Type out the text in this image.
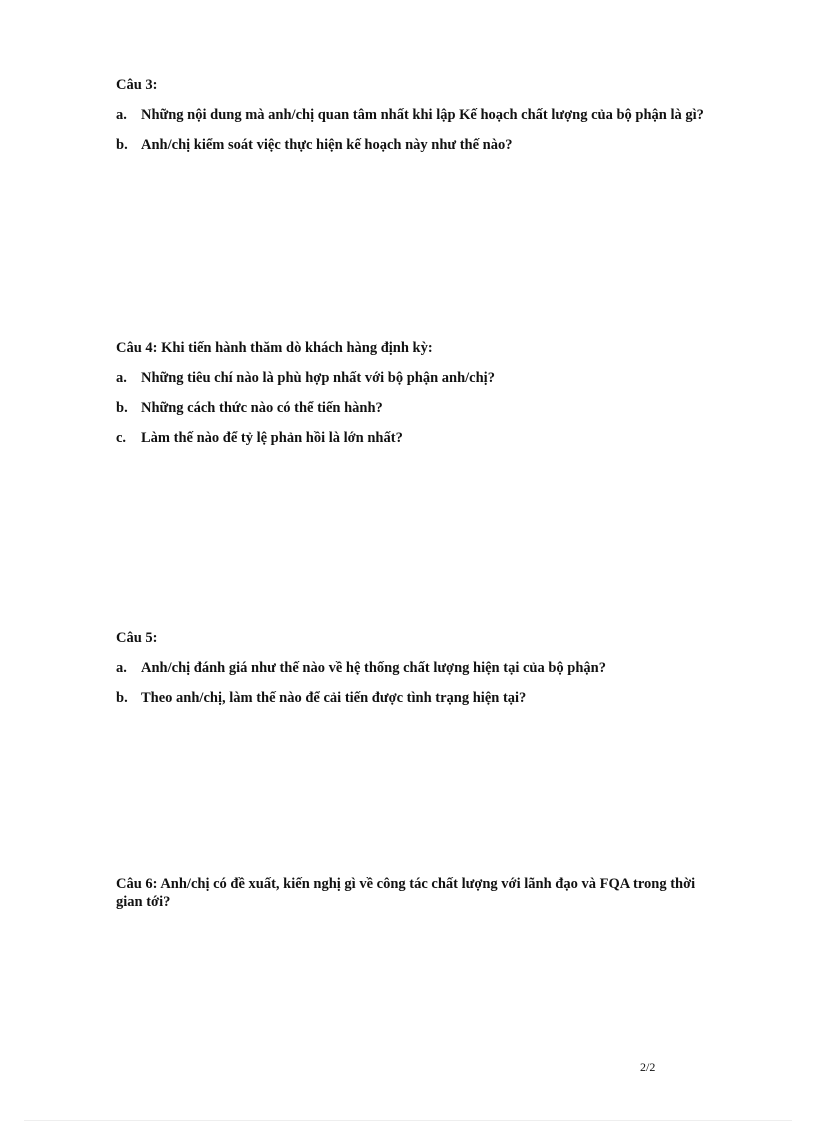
Câu 3:

a. Những nội dung mà anh/chị quan tâm nhất khi lập Kế hoạch chất lượng của bộ phận là gì?
b. Anh/chị kiểm soát việc thực hiện kế hoạch này như thế nào?

Câu 4: Khi tiến hành thăm dò khách hàng định kỳ:

a. Những tiêu chí nào là phù hợp nhất với bộ phận anh/chị?
b. Những cách thức nào có thể tiến hành?
c. Làm thế nào để tỷ lệ phản hồi là lớn nhất?

Câu 5:

a. Anh/chị đánh giá như thế nào về hệ thống chất lượng hiện tại của bộ phận?
b. Theo anh/chị, làm thế nào để cải tiến được tình trạng hiện tại?

Câu 6: Anh/chị có đề xuất, kiến nghị gì về công tác chất lượng với lãnh đạo và FQA trong thời gian tới?

2/2
